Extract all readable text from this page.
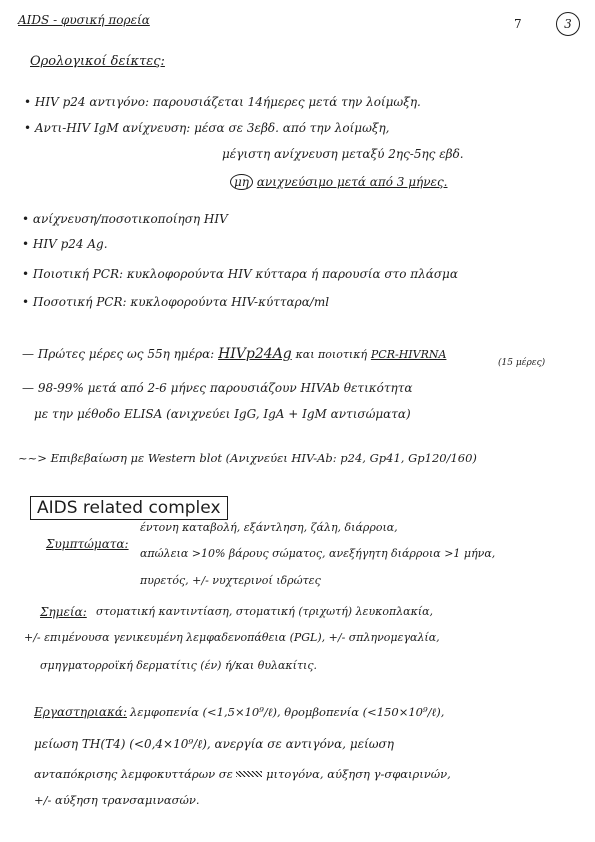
AIDS - φυσική πορεία	7	3
Ορολογικοί δείκτες:
• HIV p24 αντιγόνο: παρουσιάζεται 14ήμερες μετά την λοίμωξη.
• Αντι-HIV IgM ανίχνευση: μέσα σε 3εβδ. από την λοίμωξη,
μέγιστη ανίχνευση μεταξύ 2ης-5ης εβδ.
μη ανιχνεύσιμο μετά από 3 μήνες.
• ανίχνευση/ποσοτικοποίηση HIV
• HIV p24 Ag.
• Ποιοτική PCR: κυκλοφορούντα HIV κύτταρα ή παρουσία στο πλάσμα
• Ποσοτική PCR: κυκλοφορούντα HIV-κύτταρα/ml
— Πρώτες μέρες ως 55η ημέρα: HIVp24Ag και ποιοτική PCR-HIVRNA
(15 μέρες)
— 98-99% μετά από 2-6 μήνες παρουσιάζουν HIVAb θετικότητα
με την μέθοδο ELISA (ανιχνεύει IgG, IgA + IgM αντισώματα)
~~> Επιβεβαίωση με Western blot (Ανιχνεύει HIV-Ab: p24, Gp41, Gp120/160)
AIDS related complex
Συμπτώματα:
έντονη καταβολή, εξάντληση, ζάλη, διάρροια,
απώλεια >10% βάρους σώματος, ανεξήγητη διάρροια >1 μήνα,
πυρετός, +/- νυχτερινοί ιδρώτες
Σημεία: στοματική καντιντίαση, στοματική (τριχωτή) λευκοπλακία,
+/- επιμένουσα γενικευμένη λεμφαδενοπάθεια (PGL), +/- σπληνομεγαλία,
σμηγματορροϊκή δερματίτις (έν) ή/και θυλακίτις.
Εργαστηριακά: λεμφοπενία (<1,5×10⁹/ℓ), θρομβοπενία (<150×10⁹/ℓ),
μείωση TH(T4) (<0,4×10⁹/ℓ), ανεργία σε αντιγόνα, μείωση
ανταπόκρισης λεμφοκυττάρων σε	μιτογόνα, αύξηση γ-σφαιρινών,
+/- αύξηση τρανσαμινασών.
